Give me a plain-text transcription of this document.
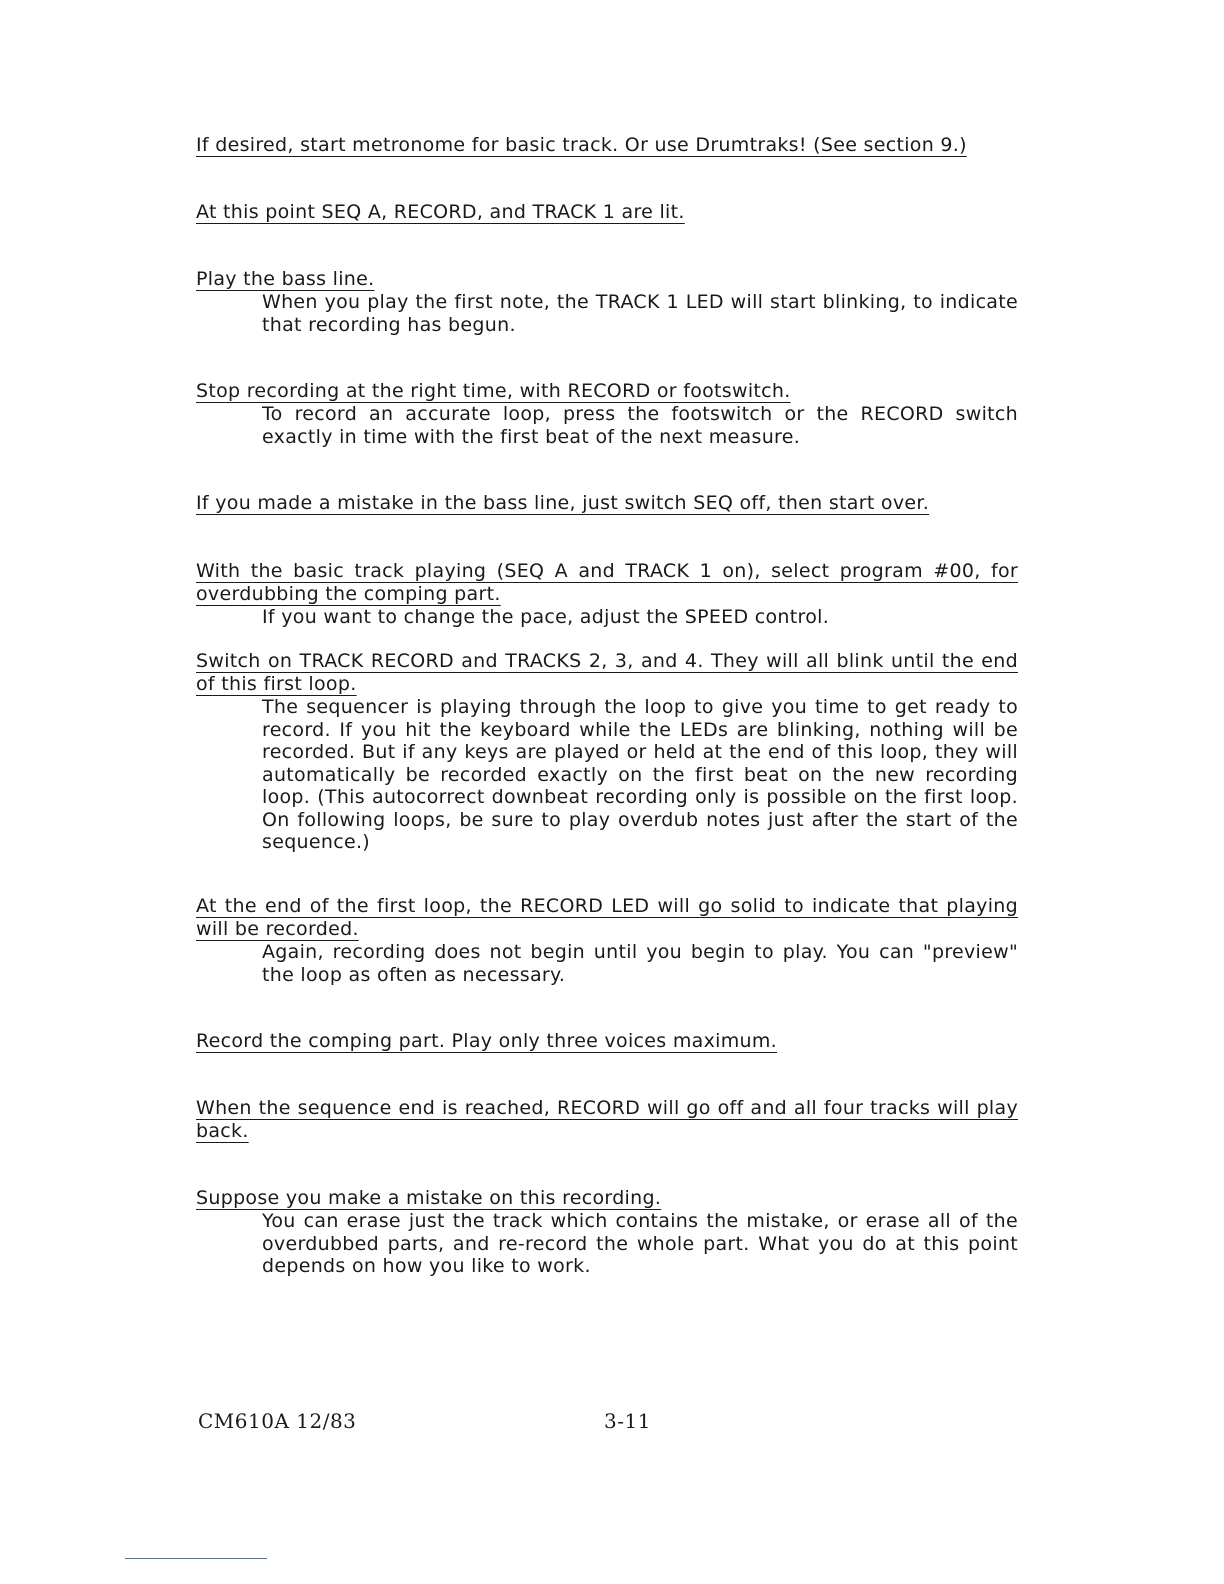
If desired, start metronome for basic track. Or use Drumtraks! (See section 9.)

At this point SEQ A, RECORD, and TRACK 1 are lit.

Play the bass line.

When you play the first note, the TRACK 1 LED will start blinking, to indicate that recording has begun.

Stop recording at the right time, with RECORD or footswitch.

To record an accurate loop, press the footswitch or the RECORD switch exactly in time with the first beat of the next measure.

If you made a mistake in the bass line, just switch SEQ off, then start over.

With the basic track playing (SEQ A and TRACK 1 on), select program #00, for overdubbing the comping part.

If you want to change the pace, adjust the SPEED control.

Switch on TRACK RECORD and TRACKS 2, 3, and 4. They will all blink until the end of this first loop.

The sequencer is playing through the loop to give you time to get ready to record. If you hit the keyboard while the LEDs are blinking, nothing will be recorded. But if any keys are played or held at the end of this loop, they will automatically be recorded exactly on the first beat on the new recording loop. (This autocorrect downbeat recording only is possible on the first loop. On following loops, be sure to play overdub notes just after the start of the sequence.)

At the end of the first loop, the RECORD LED will go solid to indicate that playing will be recorded.

Again, recording does not begin until you begin to play. You can "preview" the loop as often as necessary.

Record the comping part. Play only three voices maximum.

When the sequence end is reached, RECORD will go off and all four tracks will play back.

Suppose you make a mistake on this recording.

You can erase just the track which contains the mistake, or erase all of the overdubbed parts, and re-record the whole part. What you do at this point depends on how you like to work.

CM610A 12/83	3-11
